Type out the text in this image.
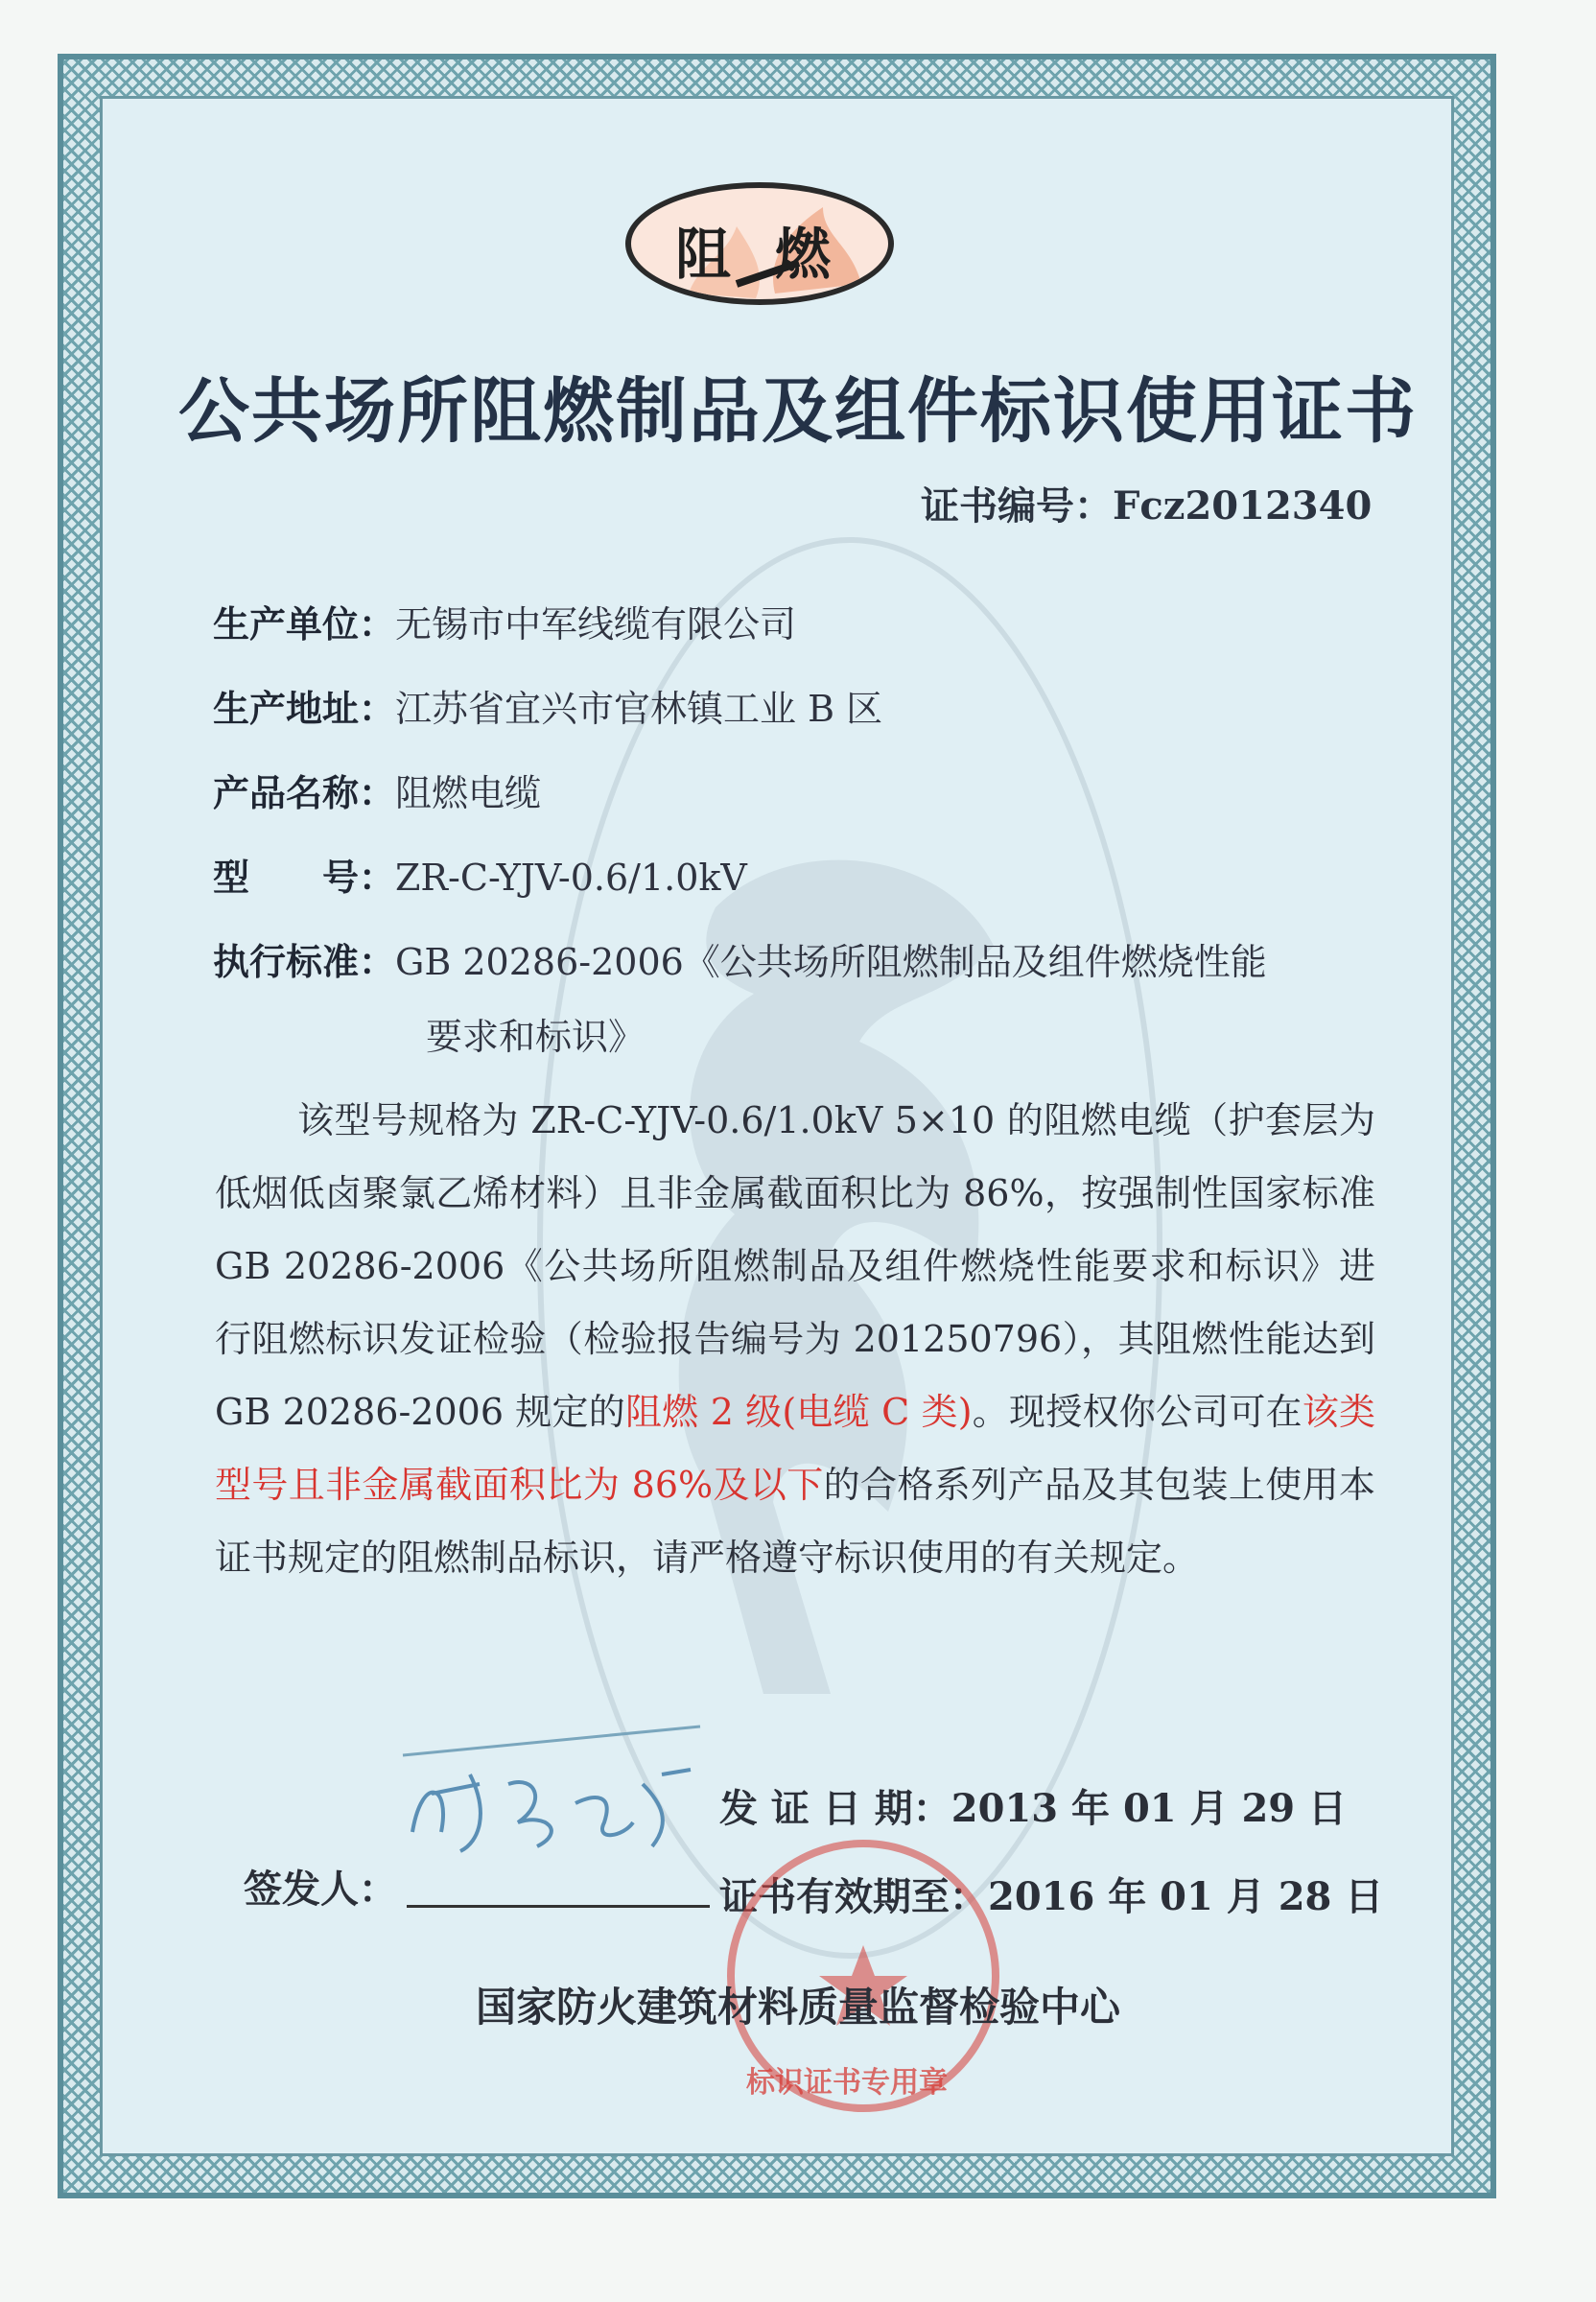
阻 燃
公共场所阻燃制品及组件标识使用证书
证书编号：Fcz2012340
生产单位：无锡市中军线缆有限公司
生产地址：江苏省宜兴市官林镇工业 B 区
产品名称：阻燃电缆
型　　号：ZR-C-YJV-0.6/1.0kV
执行标准：GB 20286-2006《公共场所阻燃制品及组件燃烧性能
要求和标识》
该型号规格为 ZR-C-YJV-0.6/1.0kV 5×10 的阻燃电缆（护套层为低烟低卤聚氯乙烯材料）且非金属截面积比为 86%，按强制性国家标准 GB 20286-2006《公共场所阻燃制品及组件燃烧性能要求和标识》进行阻燃标识发证检验（检验报告编号为 201250796），其阻燃性能达到 GB 20286-2006 规定的阻燃 2 级(电缆 C 类)。现授权你公司可在该类型号且非金属截面积比为 86%及以下的合格系列产品及其包装上使用本证书规定的阻燃制品标识，请严格遵守标识使用的有关规定。
发 证 日 期：2013 年 01 月 29 日
证书有效期至：2016 年 01 月 28 日
签发人：
国家防火建筑材料质量监督检验中心
标识证书专用章
